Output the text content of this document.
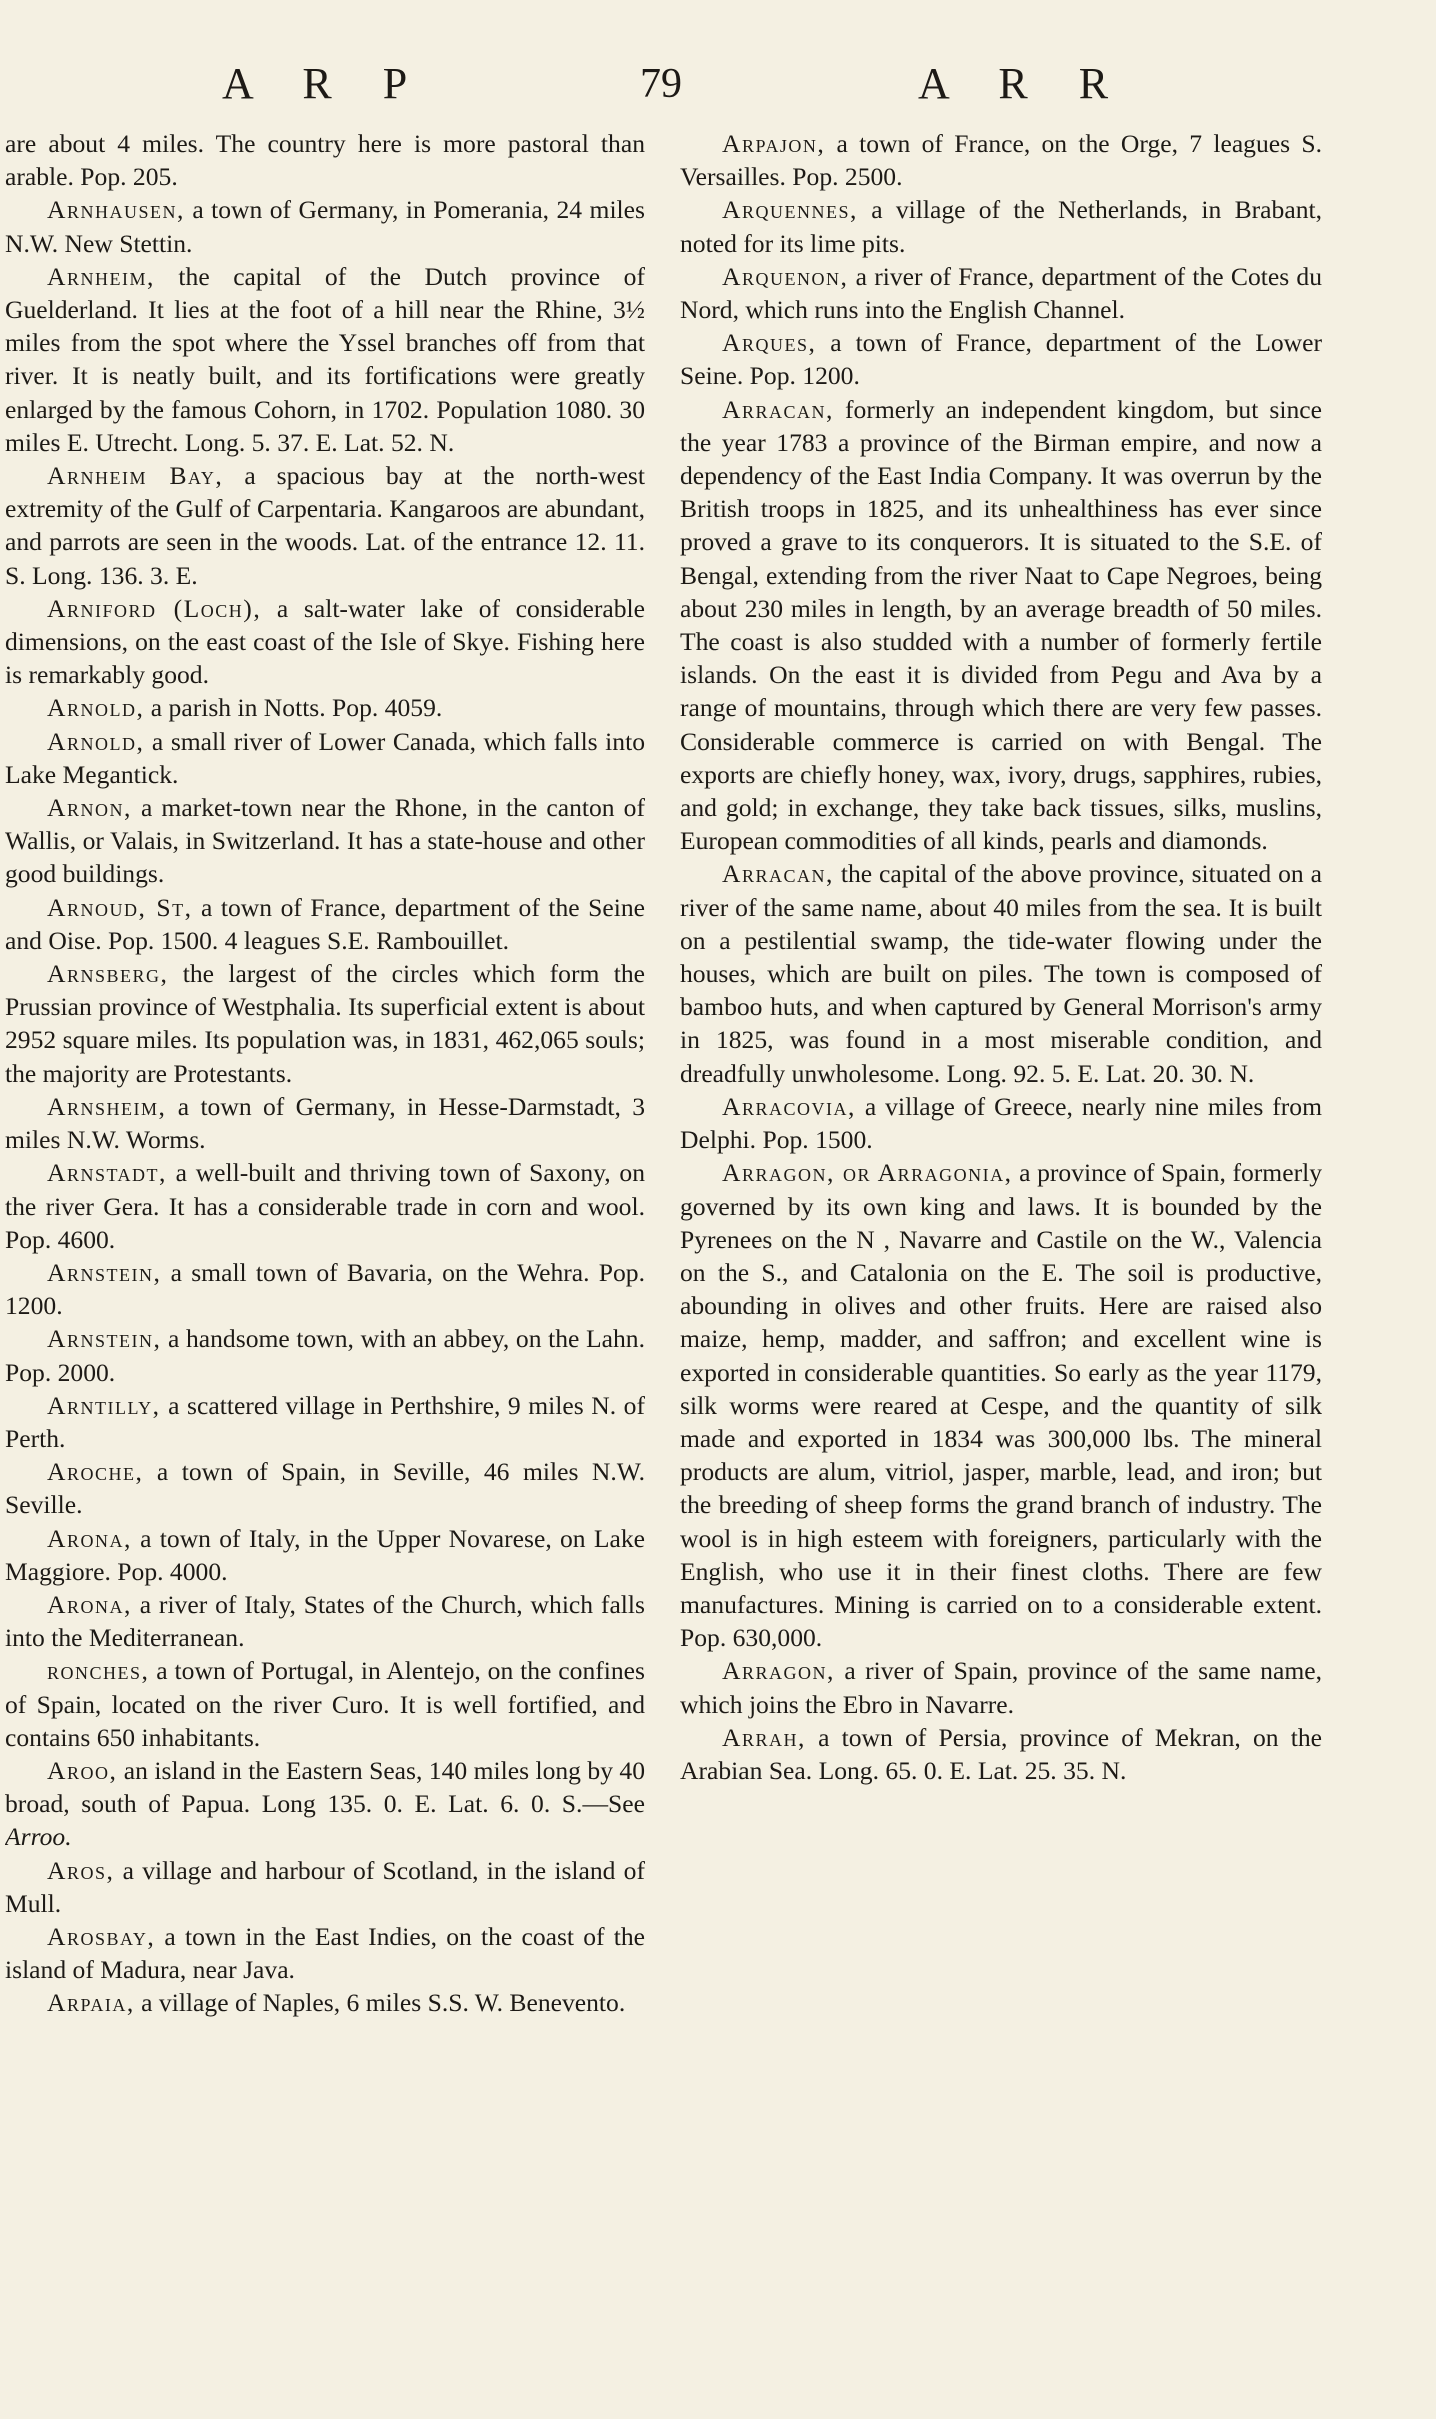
A R P	79	A R R

are about 4 miles. The country here is more pastoral than arable. Pop. 205.

Arnhausen, a town of Germany, in Pomerania, 24 miles N.W. New Stettin.

Arnheim, the capital of the Dutch province of Guelderland. It lies at the foot of a hill near the Rhine, 3½ miles from the spot where the Yssel branches off from that river. It is neatly built, and its fortifications were greatly enlarged by the famous Cohorn, in 1702. Population 1080. 30 miles E. Utrecht. Long. 5. 37. E. Lat. 52. N.

Arnheim Bay, a spacious bay at the north-west extremity of the Gulf of Carpentaria. Kangaroos are abundant, and parrots are seen in the woods. Lat. of the entrance 12. 11. S. Long. 136. 3. E.

Arniford (Loch), a salt-water lake of considerable dimensions, on the east coast of the Isle of Skye. Fishing here is remarkably good.

Arnold, a parish in Notts. Pop. 4059.

Arnold, a small river of Lower Canada, which falls into Lake Megantick.

Arnon, a market-town near the Rhone, in the canton of Wallis, or Valais, in Switzerland. It has a state-house and other good buildings.

Arnoud, St, a town of France, department of the Seine and Oise. Pop. 1500. 4 leagues S.E. Rambouillet.

Arnsberg, the largest of the circles which form the Prussian province of Westphalia. Its superficial extent is about 2952 square miles. Its population was, in 1831, 462,065 souls; the majority are Protestants.

Arnsheim, a town of Germany, in Hesse-Darmstadt, 3 miles N.W. Worms.

Arnstadt, a well-built and thriving town of Saxony, on the river Gera. It has a considerable trade in corn and wool. Pop. 4600.

Arnstein, a small town of Bavaria, on the Wehra. Pop. 1200.

Arnstein, a handsome town, with an abbey, on the Lahn. Pop. 2000.

Arntilly, a scattered village in Perthshire, 9 miles N. of Perth.

Aroche, a town of Spain, in Seville, 46 miles N.W. Seville.

Arona, a town of Italy, in the Upper Novarese, on Lake Maggiore. Pop. 4000.

Arona, a river of Italy, States of the Church, which falls into the Mediterranean.

ronches, a town of Portugal, in Alentejo, on the confines of Spain, located on the river Curo. It is well fortified, and contains 650 inhabitants.

Aroo, an island in the Eastern Seas, 140 miles long by 40 broad, south of Papua. Long 135. 0. E. Lat. 6. 0. S.—See Arroo.

Aros, a village and harbour of Scotland, in the island of Mull.

Arosbay, a town in the East Indies, on the coast of the island of Madura, near Java.

Arpaia, a village of Naples, 6 miles S.S. W. Benevento.

Arpajon, a town of France, on the Orge, 7 leagues S. Versailles. Pop. 2500.

Arquennes, a village of the Netherlands, in Brabant, noted for its lime pits.

Arquenon, a river of France, department of the Cotes du Nord, which runs into the English Channel.

Arques, a town of France, department of the Lower Seine. Pop. 1200.

Arracan, formerly an independent kingdom, but since the year 1783 a province of the Birman empire, and now a dependency of the East India Company. It was overrun by the British troops in 1825, and its unhealthiness has ever since proved a grave to its conquerors. It is situated to the S.E. of Bengal, extending from the river Naat to Cape Negroes, being about 230 miles in length, by an average breadth of 50 miles. The coast is also studded with a number of formerly fertile islands. On the east it is divided from Pegu and Ava by a range of mountains, through which there are very few passes. Considerable commerce is carried on with Bengal. The exports are chiefly honey, wax, ivory, drugs, sapphires, rubies, and gold; in exchange, they take back tissues, silks, muslins, European commodities of all kinds, pearls and diamonds.

Arracan, the capital of the above province, situated on a river of the same name, about 40 miles from the sea. It is built on a pestilential swamp, the tide-water flowing under the houses, which are built on piles. The town is composed of bamboo huts, and when captured by General Morrison's army in 1825, was found in a most miserable condition, and dreadfully unwholesome. Long. 92. 5. E. Lat. 20. 30. N.

Arracovia, a village of Greece, nearly nine miles from Delphi. Pop. 1500.

Arragon, or Arragonia, a province of Spain, formerly governed by its own king and laws. It is bounded by the Pyrenees on the N , Navarre and Castile on the W., Valencia on the S., and Catalonia on the E. The soil is productive, abounding in olives and other fruits. Here are raised also maize, hemp, madder, and saffron; and excellent wine is exported in considerable quantities. So early as the year 1179, silk worms were reared at Cespe, and the quantity of silk made and exported in 1834 was 300,000 lbs. The mineral products are alum, vitriol, jasper, marble, lead, and iron; but the breeding of sheep forms the grand branch of industry. The wool is in high esteem with foreigners, particularly with the English, who use it in their finest cloths. There are few manufactures. Mining is carried on to a considerable extent. Pop. 630,000.

Arragon, a river of Spain, province of the same name, which joins the Ebro in Navarre.

Arrah, a town of Persia, province of Mekran, on the Arabian Sea. Long. 65. 0. E. Lat. 25. 35. N.
